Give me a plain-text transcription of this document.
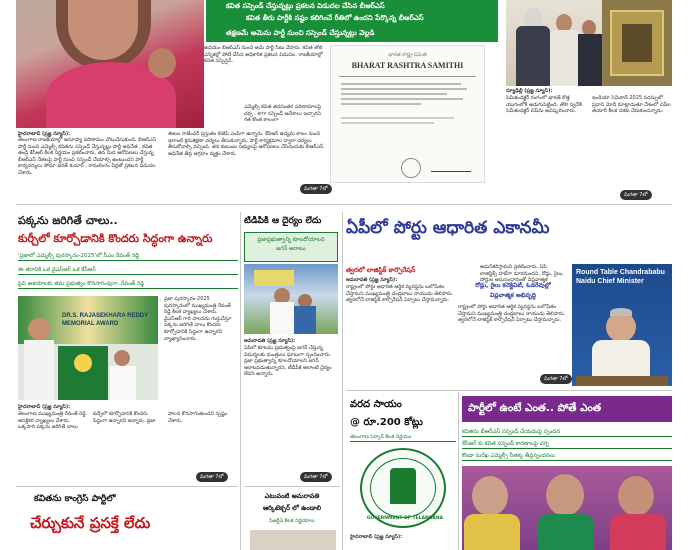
కవిత సస్పెండ్ చేస్తున్నట్లు ప్రకటన విడుదల చేసిన బీఆర్ఎస్
కవిత తీరు పార్టీకి నష్టం కలిగించే రీతిలో ఉందని పేర్కొన్న బీఆర్ఎస్
తక్షణమే అమెను పార్టీ నుంచి సస్పెండ్ చేస్తున్నట్లు వెల్లడి
ఉదయం బీఆర్ఎస్ నుంచి ఆమె పార్టీ సీటు వేసారు. కవిత తొలి ఎన్నికల్లో పోటీ చేసిన అధికారిక ప్రకటన విడుదల. రాజకీయాల్లో కవిత సస్పెన్షన్.
భారత రాష్ట్ర సమితి
BHARAT RASHTRA SAMITHI
ఎమ్మెల్సీ కవిత తదనంతర పరిణామాలపై చర్చ . కాగా సస్పెండ్ ఆదేశాలు ఇచ్చారని గత కొంత కాలంగా
హైదరాబాద్ (ప్రజ్ఞ న్యూస్):
తెలంగాణ రాజకీయాల్లో అనూహ్య పరిణామం చోటుచేసుకుంది. బీఆర్ఎస్ పార్టీ నుంచి ఎమ్మెల్సీ కవితను సస్పెండ్ చేస్తున్నట్లు పార్టీ అధినేత , కవిత తండ్రి కేసీఆర్ కీలక నిర్ణయం ప్రకటించారు. తన మీద ఆరోపణలు చేస్తున్న బీఆర్ఎస్ నేతలపై పార్టీ నుంచి సస్పెండ్ చేయాల్సి ఉంటుందని పార్టీ కార్యదర్శులు సోమా భరత్ కుమార్ , రామలింగం పేర్లతో ప్రకటన విడుదల చేశారు.
ఈటల రాజేందర్ ప్రస్తుతం బిజెపి ఎంపీగా ఉన్నారు. కేసీఆర్ ఉద్యమ కాలం నుంచి ఇలాంటి క్రమశిక్షణా చర్యలు తీసుకున్నారు. పార్టీ కార్యక్రమాల ద్వారా చర్యలు తీసుకోవాల్సి వచ్చింది. తన కుటుంబ సభ్యులపై ఆరోపణలు చేసినందుకు బీఆర్ఎస్ అధినేత తీవ్ర ఆగ్రహం వ్యక్తం చేశారు.
మిగతా 7లో
న్యూఢిల్లీ (ప్రజ్ఞ న్యూస్):
సెమీకండక్టర్ రంగంలో భారత్ కొత్త యుగంలోకి అడుగుపెట్టింది. తొలి స్వదేశీ సెమీకండక్టర్ చిప్‌ను ఆవిష్కరించారు. ఇండియా సెమీకాన్ 2025 సదస్సులో ప్రధాని మోదీ మాట్లాడుతూ దేశంలో చిప్‌ల తయారీ కీలక దశకు చేరుకుందన్నారు.
మిగతా 7లో
పక్కను జరిగితే చాలు..
కుర్చీలో కూర్చోడానికి కొందరు సిద్ధంగా ఉన్నారు
'ప్రజాలో ఎమ్మెల్సీ పురస్కారం-2025'లో సీఎం రేవంత్ రెడ్డి
ఈ తరానికి ఒక వైఎస్ఆర్ ఒక కేసీఆర్
పైవి ఆశయాలకు తమ ప్రభుత్వం కొనసాగింపుగా..రేవంత్ రెడ్డి
DR.S. RAJASEKHARA REDDY MEMORIAL AWARD
ప్రజా పురస్కారం-2025 పురస్కారంలో ముఖ్యమంత్రి రేవంత్ రెడ్డి కీలక వ్యాఖ్యలు చేశారు. వైఎస్ఆర్ గారి పాలనను గుర్తుచేస్తూ పక్కను జరిగితే చాలు కొందరు కూర్చోడానికి సిద్ధంగా ఉన్నారని వ్యాఖ్యానించారు.
హైదరాబాద్ (ప్రజ్ఞ న్యూస్):
తెలంగాణ ముఖ్యమంత్రి రేవంత్ రెడ్డి ఆసక్తికర వ్యాఖ్యలు చేశారు. ఒక్కసారి పక్కను జరిగితే చాలు కుర్చీలో కూర్చోడానికి కొందరు సిద్ధంగా ఉన్నారని అన్నారు. ప్రజా పాలన కొనసాగుతుందని స్పష్టం చేశారు.
మిగతా 7లో
టీడీపీకి ఆ దైర్యం లేదు
ప్రజాప్రభుత్వాన్ని కూలదోయాలని
జగన్ ఆరాటం
అమరావతి (ప్రజ్ఞ న్యూస్):
ఏపీలో కూటమి ప్రభుత్వంపై జగన్ చేస్తున్న విమర్శలకు మంత్రులు ఘాటుగా స్పందించారు. ప్రజా ప్రభుత్వాన్ని కూలదోయాలని జగన్ ఆరాటపడుతున్నారని, టీడీపీకి అలాంటి దైర్యం లేదని అన్నారు.
మిగతా 7లో
ఏపీలో పోర్టు ఆధారిత ఎకానమీ
త్వరలో లాజిస్టిక్ కార్పొరేషన్
అమరావతి (ప్రజ్ఞ న్యూస్):
రాష్ట్రంలో పోర్టు ఆధారిత ఆర్థిక వ్యవస్థను బలోపేతం చేస్తామని ముఖ్యమంత్రి చంద్రబాబు నాయుడు తెలిపారు. త్వరలోనే లాజిస్టిక్ కార్పొరేషన్ ఏర్పాటు చేస్తామన్నారు.
ఆధునీకరిస్తామని ప్రకటించారు. ఏపీ లాజిస్టిక్స్ హబ్‌గా మారనుందని, రోడ్లు, రైలు, పోర్టుల అనుసంధానంతో విప్లవాత్మక
రోడ్లు, రైలు కనెక్టివిటీ, ఓడరేవుల్లో
విప్లవాత్మక అభివృద్ధి
రాష్ట్రంలో పోర్టు ఆధారిత ఆర్థిక వ్యవస్థను బలోపేతం చేస్తామని ముఖ్యమంత్రి చంద్రబాబు నాయుడు తెలిపారు. త్వరలోనే లాజిస్టిక్ కార్పొరేషన్ ఏర్పాటు చేస్తామన్నారు.
మిగతా 7లో
Round Table Chandrababu Naidu Chief Minister
వరద సాయం
@ రూ.200 కోట్లు
తెలంగాణ సర్కార్ కీలక నిర్ణయం
GOVERNMENT OF TELANGANA
హైదరాబాద్ (ప్రజ్ఞ న్యూస్):
పార్టీలో ఉంటే ఎంత.. పోతే ఎంత
కవితను బీఆర్ఎస్ సస్పెండ్ చేయడంపై స్పందన
కేసీఆర్ కు కవిత సస్పెండ్ కారణాలపై చర్చ
కొండా సురేఖ ఎమ్మెల్సీ సీతక్క తీవ్రస్పందనలు
కవితను కాంగ్రెస్ పార్టీలో
చేర్చుకునే ప్రసక్తే లేదు
ఎటువంటి అమరావతి
ఆర్కిటెక్చర్ లో ఉండాలి
సీఆర్డీఏ కీలక నిర్ణయాలు
